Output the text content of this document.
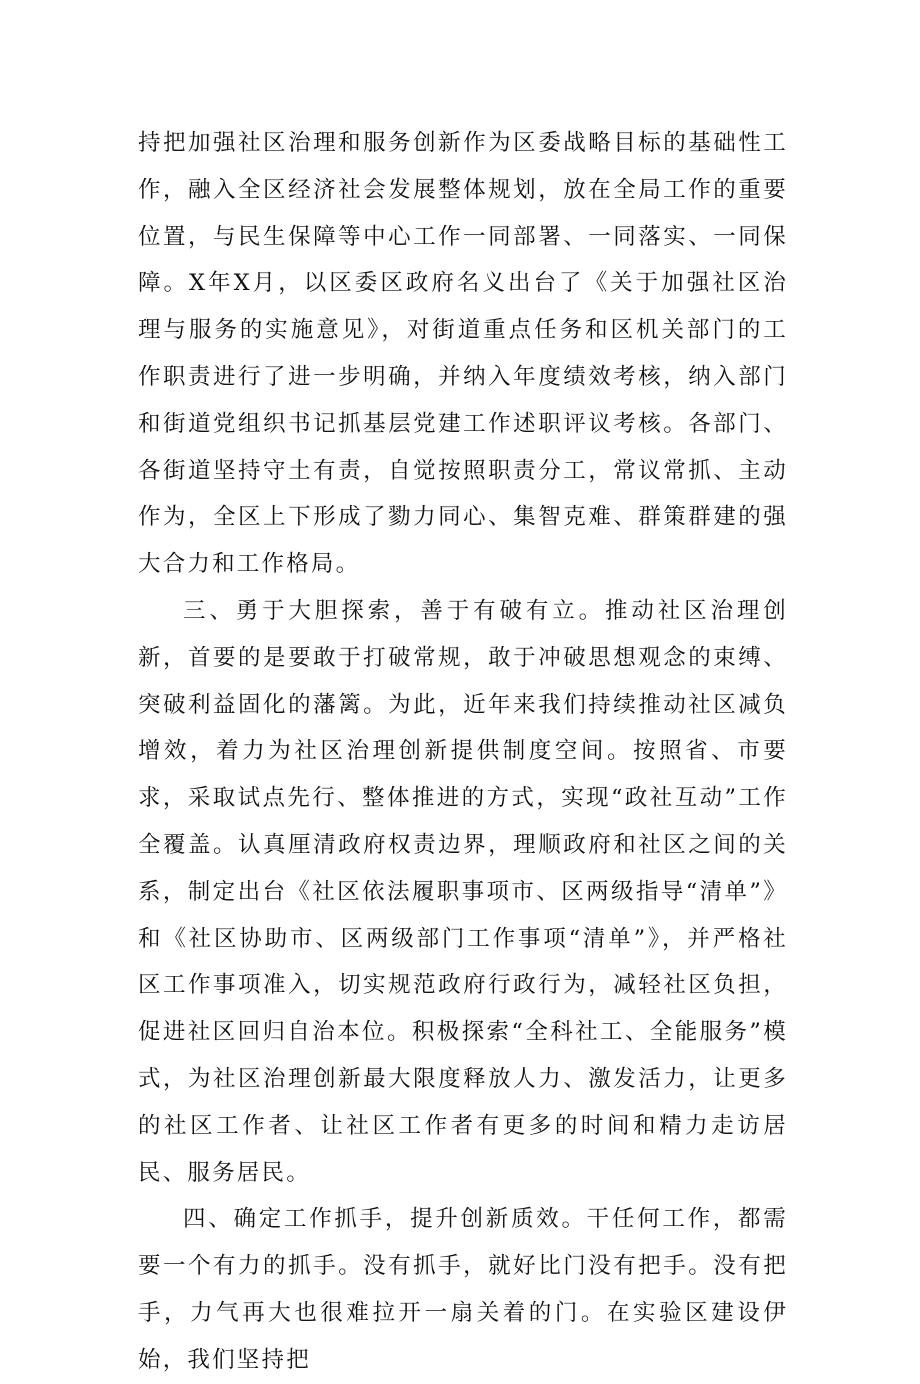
持把加强社区治理和服务创新作为区委战略目标的基础性工作，融入全区经济社会发展整体规划，放在全局工作的重要位置，与民生保障等中心工作一同部署、一同落实、一同保障。X年X月，以区委区政府名义出台了《关于加强社区治理与服务的实施意见》，对街道重点任务和区机关部门的工作职责进行了进一步明确，并纳入年度绩效考核，纳入部门和街道党组织书记抓基层党建工作述职评议考核。各部门、各街道坚持守土有责，自觉按照职责分工，常议常抓、主动作为，全区上下形成了勠力同心、集智克难、群策群建的强大合力和工作格局。

三、勇于大胆探索，善于有破有立。推动社区治理创新，首要的是要敢于打破常规，敢于冲破思想观念的束缚、突破利益固化的藩篱。为此，近年来我们持续推动社区减负增效，着力为社区治理创新提供制度空间。按照省、市要求，采取试点先行、整体推进的方式，实现“政社互动”工作全覆盖。认真厘清政府权责边界，理顺政府和社区之间的关系，制定出台《社区依法履职事项市、区两级指导“清单”》和《社区协助市、区两级部门工作事项“清单”》，并严格社区工作事项准入，切实规范政府行政行为，减轻社区负担，促进社区回归自治本位。积极探索“全科社工、全能服务”模式，为社区治理创新最大限度释放人力、激发活力，让更多的社区工作者、让社区工作者有更多的时间和精力走访居民、服务居民。

四、确定工作抓手，提升创新质效。干任何工作，都需要一个有力的抓手。没有抓手，就好比门没有把手。没有把手，力气再大也很难拉开一扇关着的门。在实验区建设伊始，我们坚持把
